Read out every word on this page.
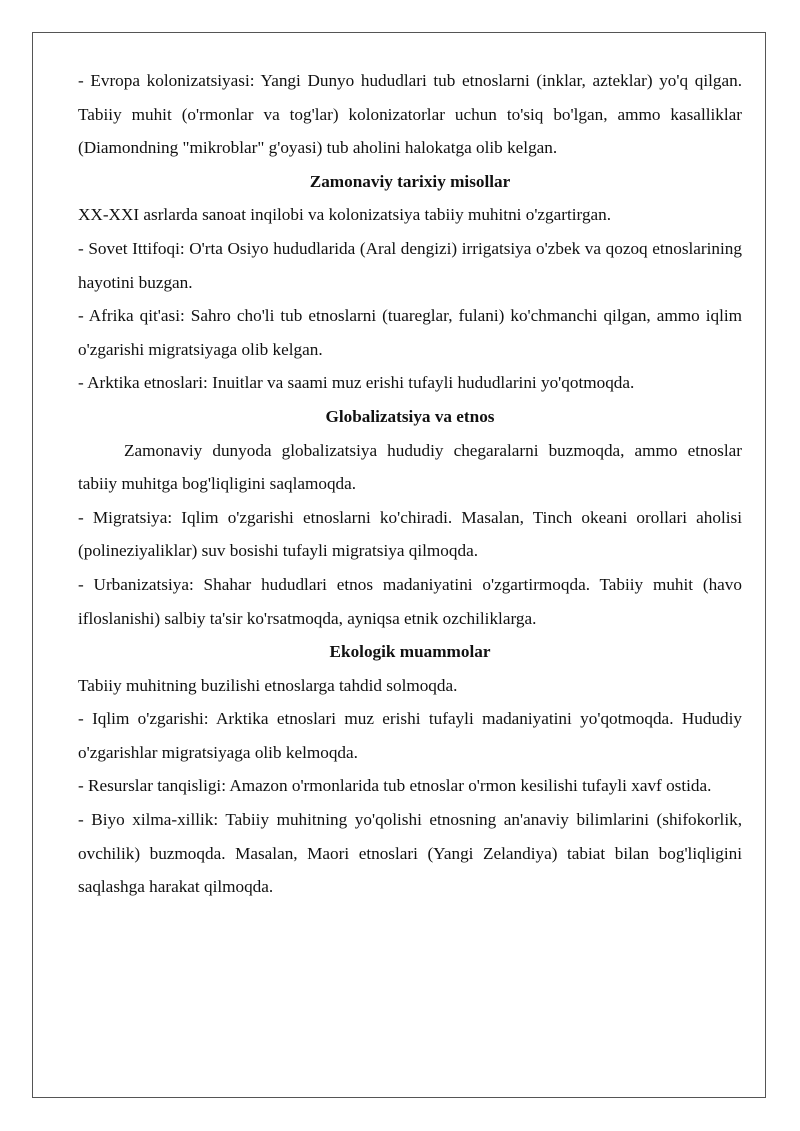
- Evropa kolonizatsiyasi: Yangi Dunyo hududlari tub etnoslarni (inklar, azteklar) yo'q qilgan. Tabiiy muhit (o'rmonlar va tog'lar) kolonizatorlar uchun to'siq bo'lgan, ammo kasalliklar (Diamondning "mikroblar" g'oyasi) tub aholini halokatga olib kelgan.

Zamonaviy tarixiy misollar

XX-XXI asrlarda sanoat inqilobi va kolonizatsiya tabiiy muhitni o'zgartirgan.

- Sovet Ittifoqi: O'rta Osiyo hududlarida (Aral dengizi) irrigatsiya o'zbek va qozoq etnoslarining hayotini buzgan.

- Afrika qit'asi: Sahro cho'li tub etnoslarni (tuareglar, fulani) ko'chmanchi qilgan, ammo iqlim o'zgarishi migratsiyaga olib kelgan.

- Arktika etnoslari: Inuitlar va saami muz erishi tufayli hududlarini yo'qotmoqda.

Globalizatsiya va etnos

Zamonaviy dunyoda globalizatsiya hududiy chegaralarni buzmoqda, ammo etnoslar tabiiy muhitga bog'liqligini saqlamoqda.

- Migratsiya: Iqlim o'zgarishi etnoslarni ko'chiradi. Masalan, Tinch okeani orollari aholisi (polineziyaliklar) suv bosishi tufayli migratsiya qilmoqda.

- Urbanizatsiya: Shahar hududlari etnos madaniyatini o'zgartirmoqda. Tabiiy muhit (havo ifloslanishi) salbiy ta'sir ko'rsatmoqda, ayniqsa etnik ozchiliklarga.

Ekologik muammolar

Tabiiy muhitning buzilishi etnoslarga tahdid solmoqda.

- Iqlim o'zgarishi: Arktika etnoslari muz erishi tufayli madaniyatini yo'qotmoqda. Hududiy o'zgarishlar migratsiyaga olib kelmoqda.

- Resurslar tanqisligi: Amazon o'rmonlarida tub etnoslar o'rmon kesilishi tufayli xavf ostida.

- Biyo xilma-xillik: Tabiiy muhitning yo'qolishi etnosning an'anaviy bilimlarini (shifokorlik, ovchilik) buzmoqda. Masalan, Maori etnoslari (Yangi Zelandiya) tabiat bilan bog'liqligini saqlashga harakat qilmoqda.
